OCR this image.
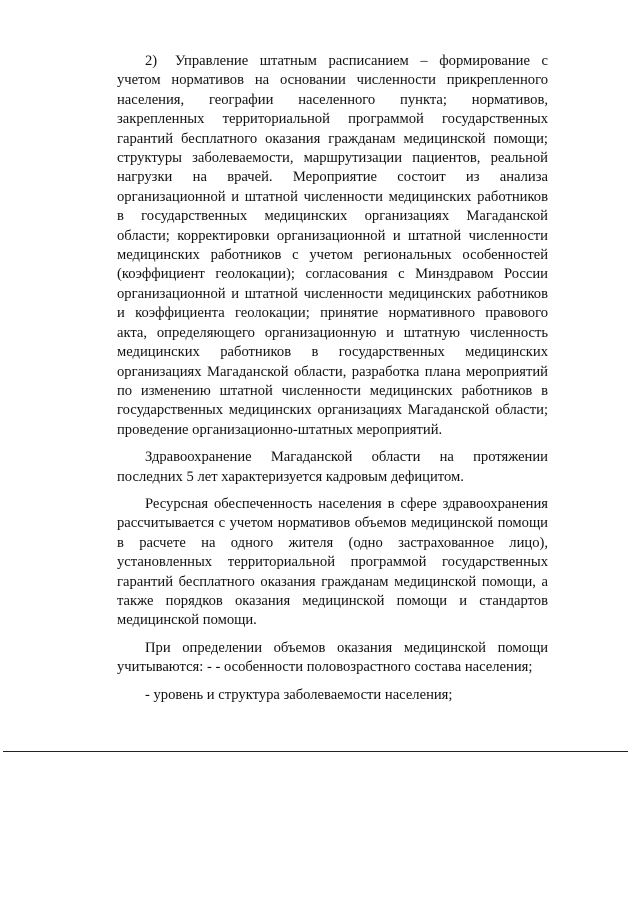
2) Управление штатным расписанием – формирование с учетом нормативов на основании численности прикрепленного населения, географии населенного пункта; нормативов, закрепленных территориальной программой государственных гарантий бесплатного оказания гражданам медицинской помощи; структуры заболеваемости, маршрутизации пациентов, реальной нагрузки на врачей. Мероприятие состоит из анализа организационной и штатной численности медицинских работников в государственных медицинских организациях Магаданской области; корректировки организационной и штатной численности медицинских работников с учетом региональных особенностей (коэффициент геолокации); согласования с Минздравом России организационной и штатной численности медицинских работников и коэффициента геолокации; принятие нормативного правового акта, определяющего организационную и штатную численность медицинских работников в государственных медицинских организациях Магаданской области, разработка плана мероприятий по изменению штатной численности медицинских работников в государственных медицинских организациях Магаданской области; проведение организационно-штатных мероприятий.

Здравоохранение Магаданской области на протяжении последних 5 лет характеризуется кадровым дефицитом.

Ресурсная обеспеченность населения в сфере здравоохранения рассчитывается с учетом нормативов объемов медицинской помощи в расчете на одного жителя (одно застрахованное лицо), установленных территориальной программой государственных гарантий бесплатного оказания гражданам медицинской помощи, а также порядков оказания медицинской помощи и стандартов медицинской помощи.

При определении объемов оказания медицинской помощи учитываются: - - особенности половозрастного состава населения;

- уровень и структура заболеваемости населения;
